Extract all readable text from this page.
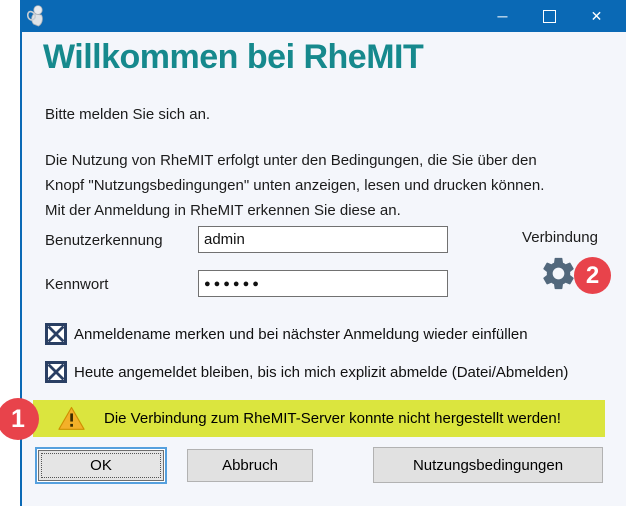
─	✕
Willkommen bei RheMIT
Bitte melden Sie sich an.
Die Nutzung von RheMIT erfolgt unter den Bedingungen, die Sie über den Knopf "Nutzungsbedingungen" unten anzeigen, lesen und drucken können. Mit der Anmeldung in RheMIT erkennen Sie diese an.
Benutzerkennung
admin
Kennwort
●●●●●●
Verbindung
2
Anmeldename merken und bei nächster Anmeldung wieder einfüllen
Heute angemeldet bleiben, bis ich mich explizit abmelde (Datei/Abmelden)
Die Verbindung zum RheMIT-Server konnte nicht hergestellt werden!
OK	Abbruch	Nutzungsbedingungen
1
